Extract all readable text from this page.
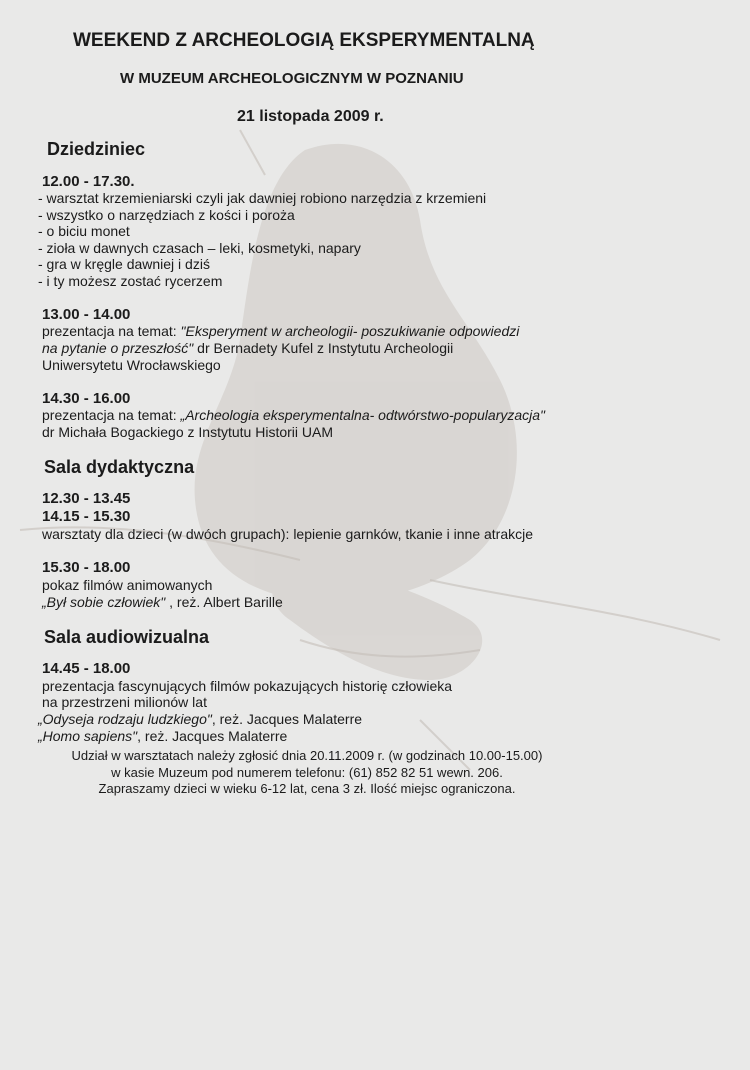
WEEKEND Z ARCHEOLOGIĄ EKSPERYMENTALNĄ
W MUZEUM ARCHEOLOGICZNYM W POZNANIU
21 listopada 2009 r.
Dziedziniec
12.00 - 17.30.
- warsztat krzemieniarski czyli jak dawniej robiono narzędzia z krzemieni
- wszystko o narzędziach z kości i poroża
- o biciu monet
- zioła w dawnych czasach – leki, kosmetyki, napary
- gra w kręgle dawniej i dziś
- i ty możesz zostać rycerzem
13.00 - 14.00
prezentacja na temat: "Eksperyment w archeologii- poszukiwanie odpowiedzi
na pytanie o przeszłość" dr Bernadety Kufel z Instytutu Archeologii
Uniwersytetu Wrocławskiego
14.30 - 16.00
prezentacja na temat: „Archeologia eksperymentalna- odtwórstwo-popularyzacja"
dr Michała Bogackiego z Instytutu Historii UAM
Sala dydaktyczna
12.30 - 13.45
14.15 - 15.30
warsztaty dla dzieci (w dwóch grupach): lepienie garnków, tkanie i inne atrakcje
15.30 - 18.00
pokaz filmów animowanych
„Był sobie człowiek" , reż. Albert Barille
Sala audiowizualna
14.45 - 18.00
prezentacja fascynujących filmów pokazujących historię człowieka
na przestrzeni milionów lat
„Odyseja rodzaju ludzkiego", reż. Jacques Malaterre
„Homo sapiens", reż. Jacques Malaterre
Udział w warsztatach należy zgłosić dnia 20.11.2009 r. (w godzinach 10.00-15.00)
w kasie Muzeum pod numerem telefonu: (61) 852 82 51 wewn. 206.
Zapraszamy dzieci w wieku 6-12 lat, cena 3 zł. Ilość miejsc ograniczona.
